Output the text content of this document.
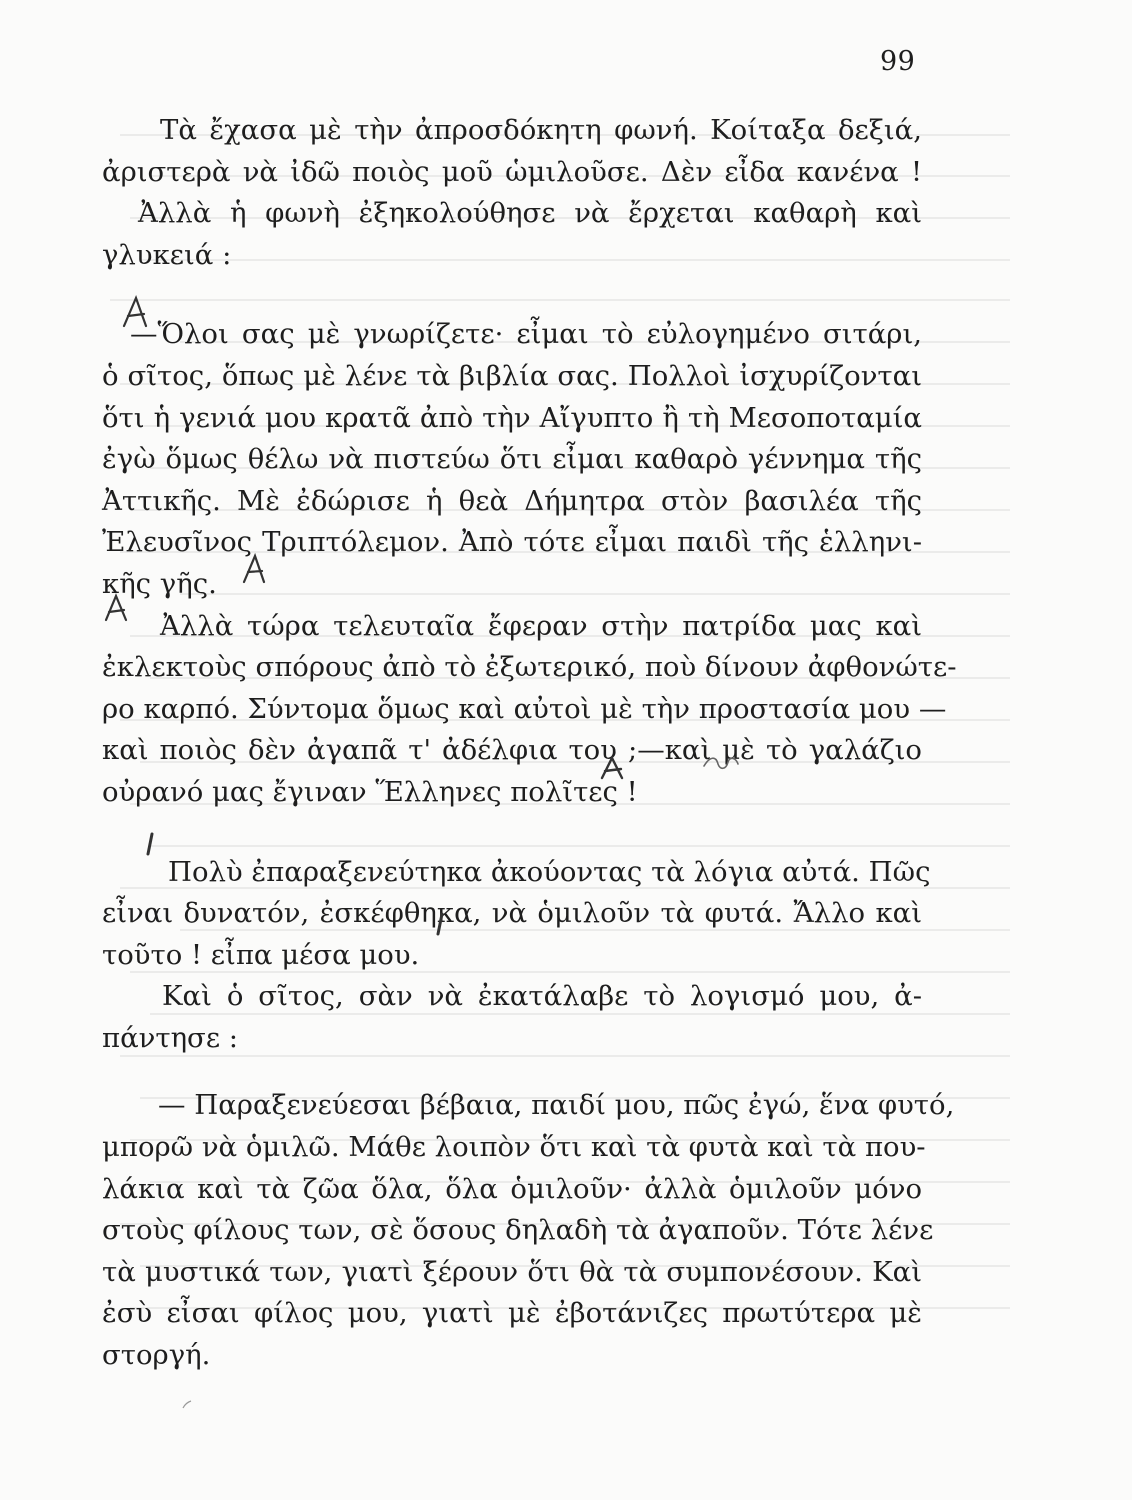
99
Τὰ ἔχασα μὲ τὴν ἀπροσδόκητη φωνή. Κοίταξα δεξιά,
ἀριστερὰ νὰ ἰδῶ ποιὸς μοῦ ὡμιλοῦσε. Δὲν εἶδα κανένα !
Ἀλλὰ ἡ φωνὴ ἐξηκολούθησε νὰ ἔρχεται καθαρὴ καὶ
γλυκειά :
—Ὅλοι σας μὲ γνωρίζετε· εἶμαι τὸ εὐλογημένο σιτάρι,
ὁ σῖτος, ὅπως μὲ λένε τὰ βιβλία σας. Πολλοὶ ἰσχυρίζονται
ὅτι ἡ γενιά μου κρατᾶ ἀπὸ τὴν Αἴγυπτο ἢ τὴ Μεσοποταμία
ἐγὼ ὅμως θέλω νὰ πιστεύω ὅτι εἶμαι καθαρὸ γέννημα τῆς
Ἀττικῆς. Μὲ ἐδώρισε ἡ θεὰ Δήμητρα στὸν βασιλέα τῆς
Ἐλευσῖνος Τριπτόλεμον. Ἀπὸ τότε εἶμαι παιδὶ τῆς ἑλληνι-
κῆς γῆς.
Ἀλλὰ τώρα τελευταῖα ἔφεραν στὴν πατρίδα μας καὶ
ἐκλεκτοὺς σπόρους ἀπὸ τὸ ἐξωτερικό, ποὺ δίνουν ἀφθονώτε-
ρο καρπό. Σύντομα ὅμως καὶ αὐτοὶ μὲ τὴν προστασία μου —
καὶ ποιὸς δὲν ἀγαπᾶ τ' ἀδέλφια του ;—καὶ μὲ τὸ γαλάζιο
οὐρανό μας ἔγιναν Ἕλληνες πολῖτες !
Πολὺ ἐπαραξενεύτηκα ἀκούοντας τὰ λόγια αὐτά. Πῶς
εἶναι δυνατόν, ἐσκέφθηκα, νὰ ὁμιλοῦν τὰ φυτά. Ἄλλο καὶ
τοῦτο ! εἶπα μέσα μου.
Καὶ ὁ σῖτος, σὰν νὰ ἐκατάλαβε τὸ λογισμό μου, ἀ-
πάντησε :
— Παραξενεύεσαι βέβαια, παιδί μου, πῶς ἐγώ, ἕνα φυτό,
μπορῶ νὰ ὁμιλῶ. Μάθε λοιπὸν ὅτι καὶ τὰ φυτὰ καὶ τὰ που-
λάκια καὶ τὰ ζῶα ὅλα, ὅλα ὁμιλοῦν· ἀλλὰ ὁμιλοῦν μόνο
στοὺς φίλους των, σὲ ὅσους δηλαδὴ τὰ ἀγαποῦν. Τότε λένε
τὰ μυστικά των, γιατὶ ξέρουν ὅτι θὰ τὰ συμπονέσουν. Καὶ
ἐσὺ εἶσαι φίλος μου, γιατὶ μὲ ἐβοτάνιζες πρωτύτερα μὲ
στοργή.
